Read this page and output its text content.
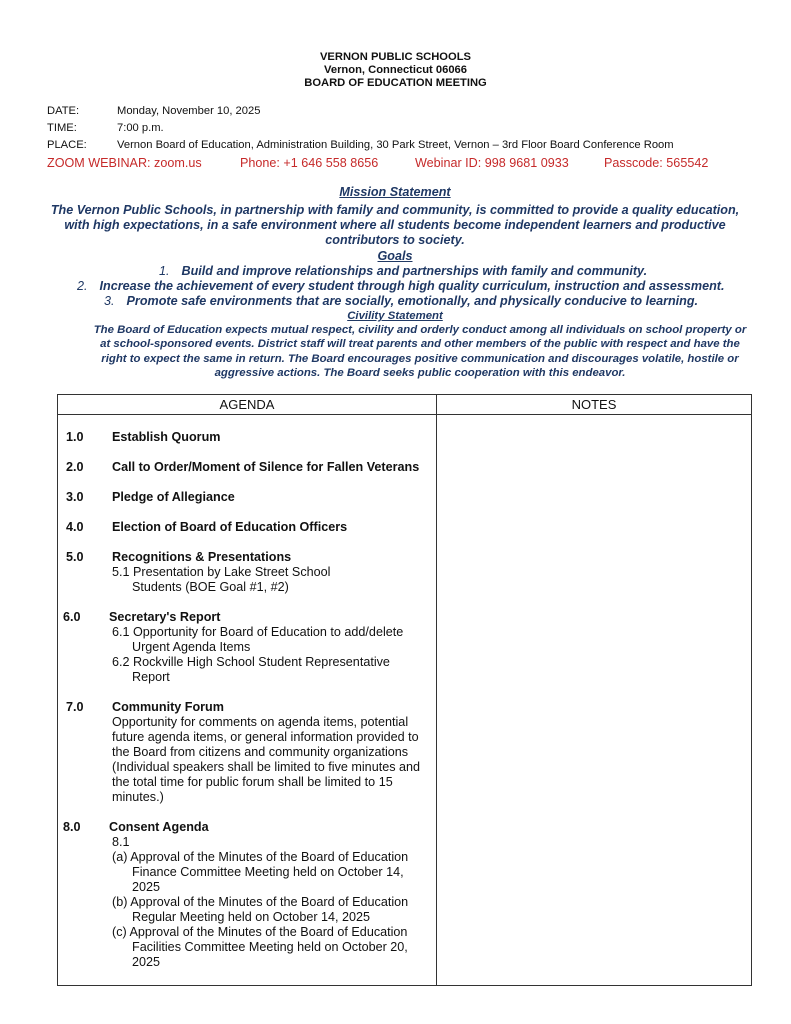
VERNON PUBLIC SCHOOLS
Vernon, Connecticut 06066
BOARD OF EDUCATION MEETING
DATE:	Monday, November 10, 2025
TIME:	7:00 p.m.
PLACE:	Vernon Board of Education, Administration Building, 30 Park Street, Vernon – 3rd Floor Board Conference Room
ZOOM WEBINAR: zoom.us	Phone: +1 646 558 8656	Webinar ID: 998 9681 0933	Passcode: 565542
Mission Statement
The Vernon Public Schools, in partnership with family and community, is committed to provide a quality education, with high expectations, in a safe environment where all students become independent learners and productive contributors to society.
Goals
1. Build and improve relationships and partnerships with family and community.
2. Increase the achievement of every student through high quality curriculum, instruction and assessment.
3. Promote safe environments that are socially, emotionally, and physically conducive to learning.
Civility Statement
The Board of Education expects mutual respect, civility and orderly conduct among all individuals on school property or at school-sponsored events. District staff will treat parents and other members of the public with respect and have the right to expect the same in return. The Board encourages positive communication and discourages volatile, hostile or aggressive actions. The Board seeks public cooperation with this endeavor.
AGENDA	NOTES

1.0 Establish Quorum
2.0 Call to Order/Moment of Silence for Fallen Veterans
3.0 Pledge of Allegiance
4.0 Election of Board of Education Officers
5.0 Recognitions & Presentations
5.1 Presentation by Lake Street School Students (BOE Goal #1, #2)
6.0 Secretary's Report
6.1 Opportunity for Board of Education to add/delete Urgent Agenda Items
6.2 Rockville High School Student Representative Report
7.0 Community Forum
Opportunity for comments on agenda items, potential future agenda items, or general information provided to the Board from citizens and community organizations (Individual speakers shall be limited to five minutes and the total time for public forum shall be limited to 15 minutes.)
8.0 Consent Agenda
8.1
(a) Approval of the Minutes of the Board of Education Finance Committee Meeting held on October 14, 2025
(b) Approval of the Minutes of the Board of Education Regular Meeting held on October 14, 2025
(c) Approval of the Minutes of the Board of Education Facilities Committee Meeting held on October 20, 2025
